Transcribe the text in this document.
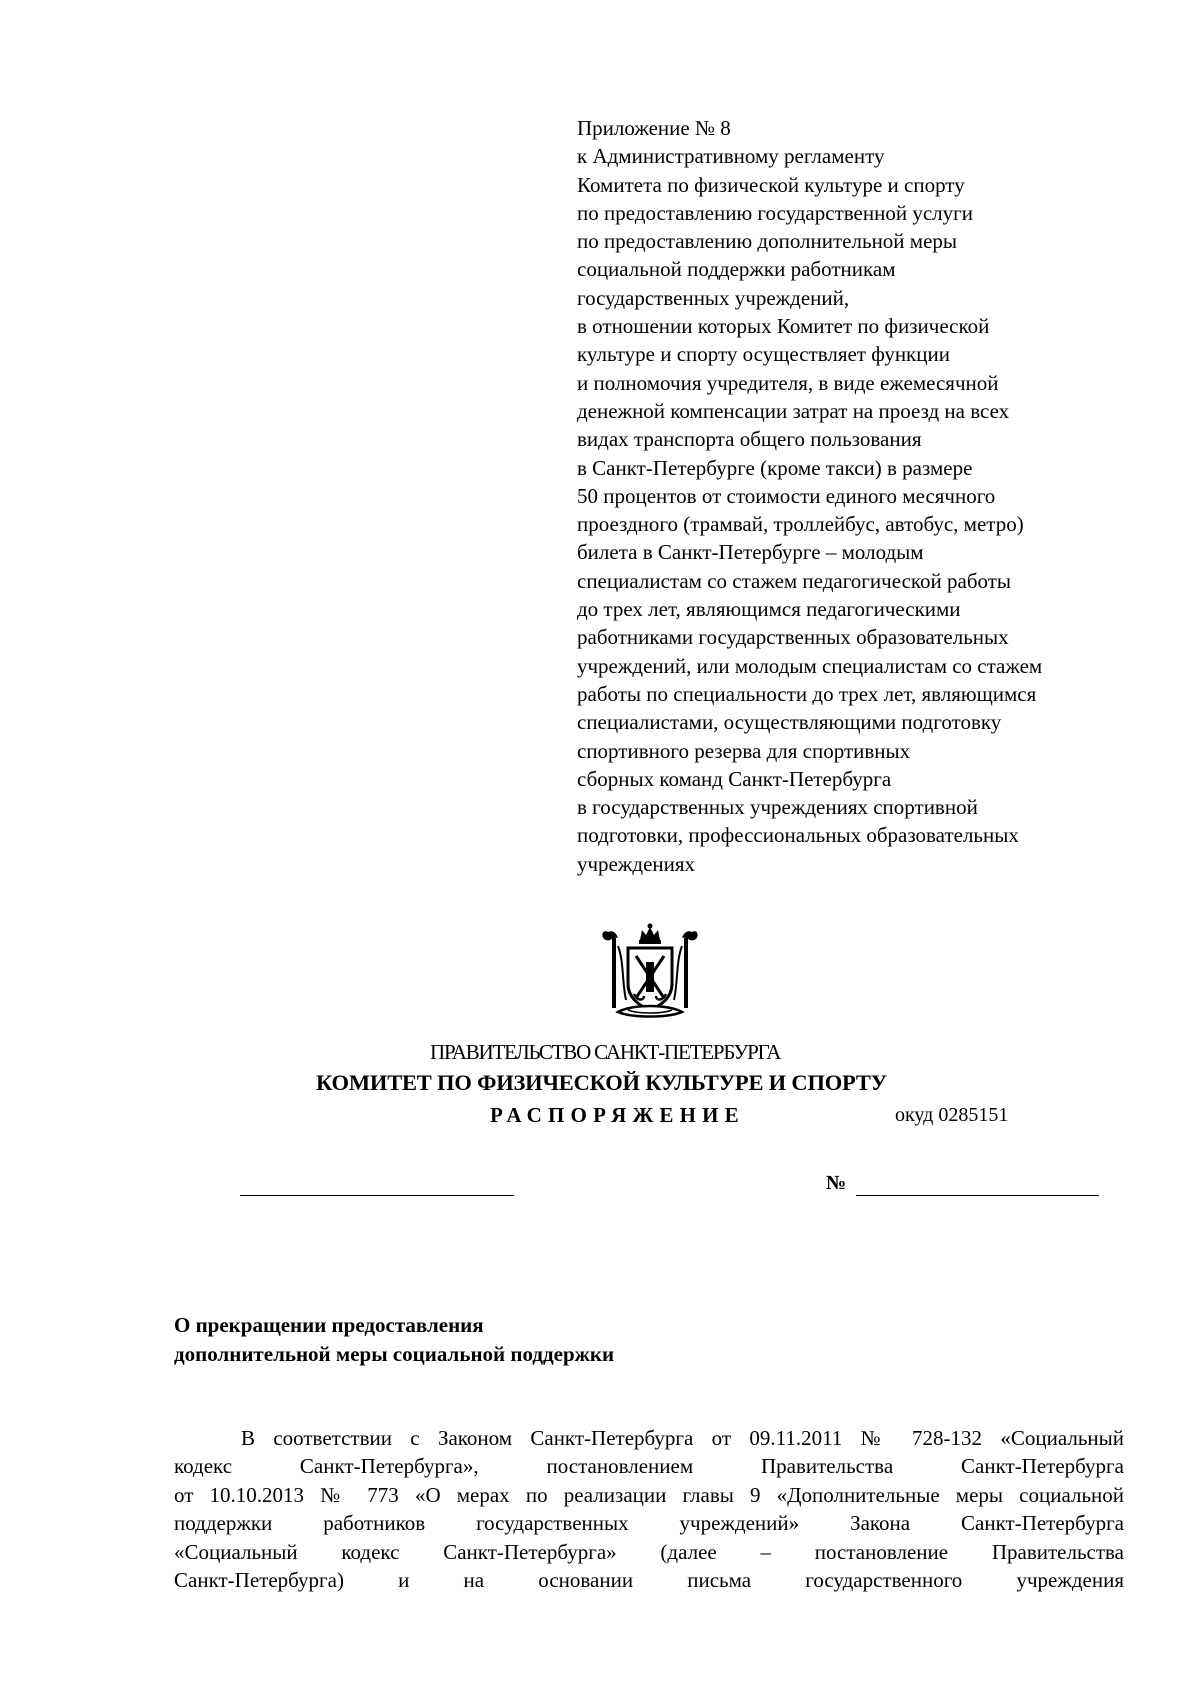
Приложение № 8
к Административному регламенту
Комитета по физической культуре и спорту
по предоставлению государственной услуги
по предоставлению дополнительной меры
социальной поддержки работникам
государственных учреждений,
в отношении которых Комитет по физической
культуре и спорту осуществляет функции
и полномочия учредителя, в виде ежемесячной
денежной компенсации затрат на проезд на всех
видах транспорта общего пользования
в Санкт-Петербурге (кроме такси) в размере
50 процентов от стоимости единого месячного
проездного (трамвай, троллейбус, автобус, метро)
билета в Санкт-Петербурге – молодым
специалистам со стажем педагогической работы
до трех лет, являющимся педагогическими
работниками государственных образовательных
учреждений, или молодым специалистам со стажем
работы по специальности до трех лет, являющимся
специалистами, осуществляющими подготовку
спортивного резерва для спортивных
сборных команд Санкт-Петербурга
в государственных учреждениях спортивной
подготовки, профессиональных образовательных
учреждениях
ПРАВИТЕЛЬСТВО САНКТ-ПЕТЕРБУРГА
КОМИТЕТ ПО ФИЗИЧЕСКОЙ КУЛЬТУРЕ И СПОРТУ
РАСПОРЯЖЕНИЕ	окуд 0285151
№
О прекращении предоставления
дополнительной меры социальной поддержки
В соответствии с Законом Санкт-Петербурга от 09.11.2011 № 728-132 «Социальный
кодекс Санкт-Петербурга», постановлением Правительства Санкт-Петербурга
от 10.10.2013 № 773 «О мерах по реализации главы 9 «Дополнительные меры социальной
поддержки работников государственных учреждений» Закона Санкт-Петербурга
«Социальный кодекс Санкт-Петербурга» (далее – постановление Правительства
Санкт-Петербурга) и на основании письма государственного учреждения
